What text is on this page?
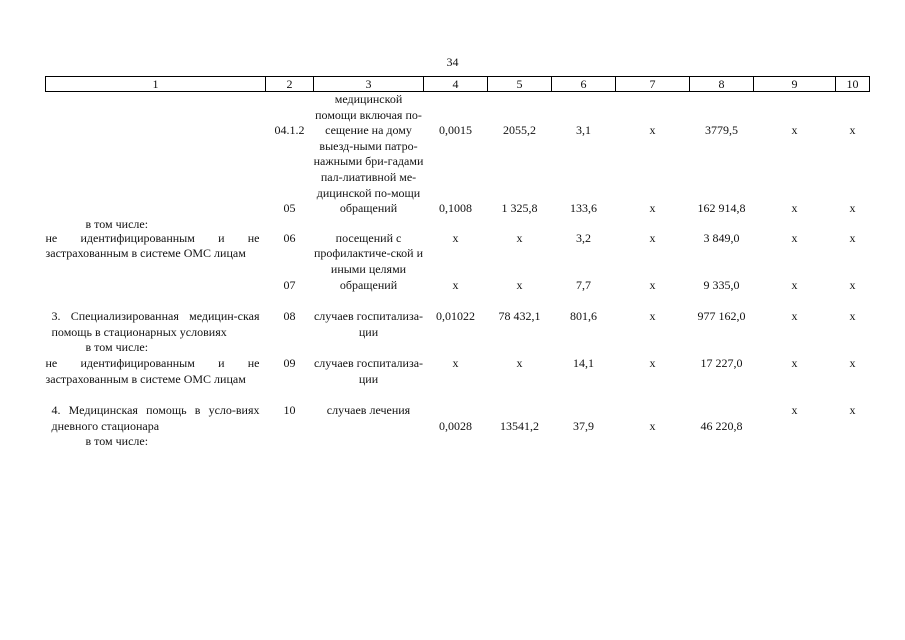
34
1	2	3	4	5	6	7	8	9	10
	04.1.2	медицинской помощи включая по-сещение на дому выезд-ными патро-нажными бри-гадами пал-лиативной ме-дицинской по-мощи	0,0015	2055,2	3,1	х	3779,5	х	х
	05	обращений	0,1008	1 325,8	133,6	х	162 914,8	х	х

в том числе:									

не идентифицированным и не застрахованным в системе ОМС лицам	06	посещений с профилактиче-ской и иными целями	х	х	3,2	х	3 849,0	х	х
	07	обращений	х	х	7,7	х	9 335,0	х	х

3. Специализированная медицин-ская помощь в стационарных условиях
в том числе:	08	случаев госпитализа-ции	0,01022	78 432,1	801,6	х	977 162,0	х	х
не идентифицированным и не застрахованным в системе ОМС лицам	09	случаев госпитализа-ции	х	х	14,1	х	17 227,0	х	х

4. Медицинская помощь в усло-виях дневного стационара
в том числе:	10	случаев лечения	0,0028	13541,2	37,9	х	46 220,8	х	х
